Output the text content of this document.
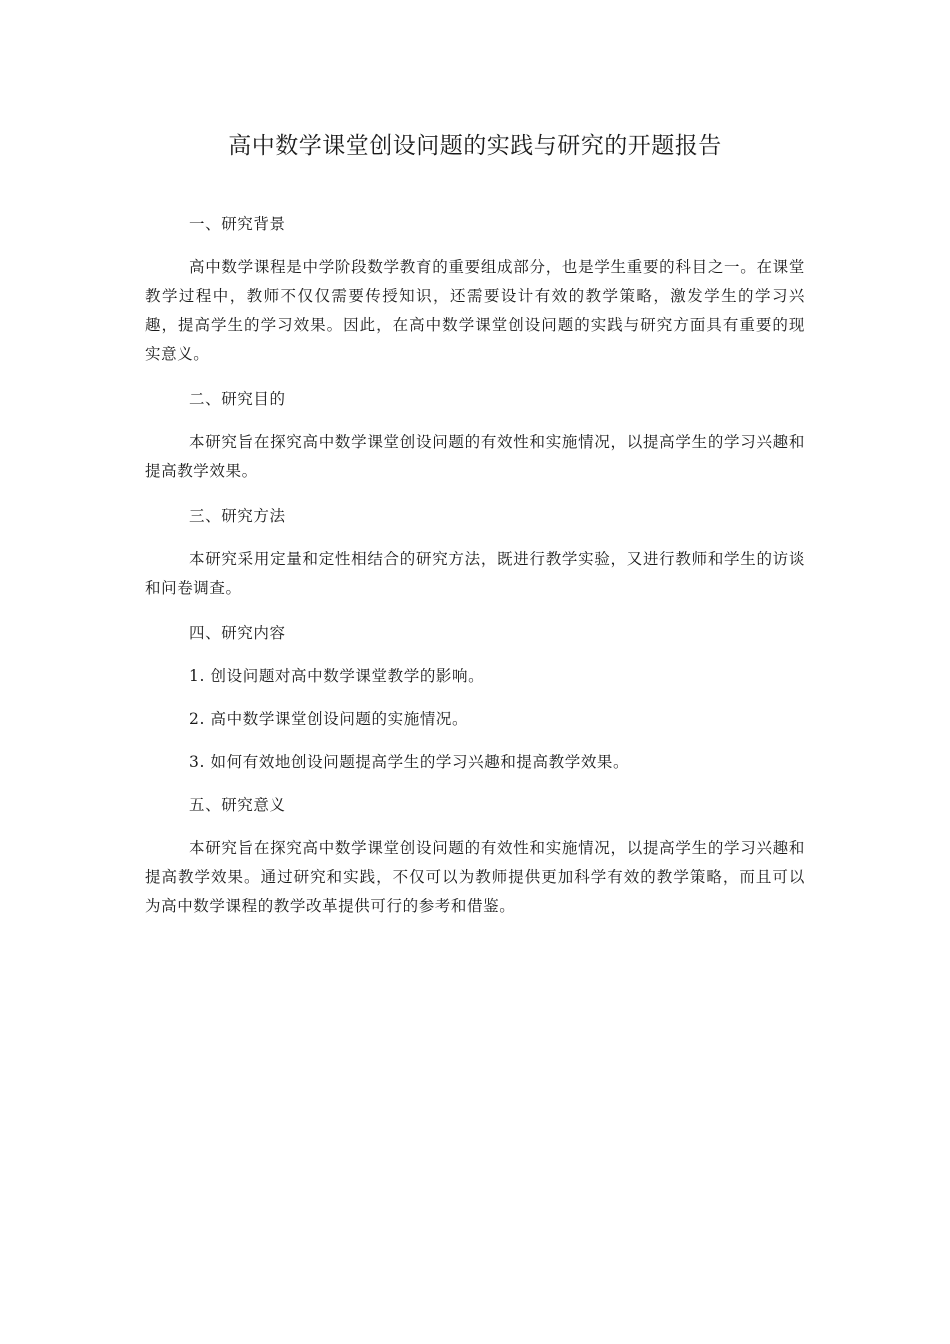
高中数学课堂创设问题的实践与研究的开题报告

一、研究背景

高中数学课程是中学阶段数学教育的重要组成部分，也是学生重要的科目之一。在课堂教学过程中，教师不仅仅需要传授知识，还需要设计有效的教学策略，激发学生的学习兴趣，提高学生的学习效果。因此，在高中数学课堂创设问题的实践与研究方面具有重要的现实意义。

二、研究目的

本研究旨在探究高中数学课堂创设问题的有效性和实施情况，以提高学生的学习兴趣和提高教学效果。

三、研究方法

本研究采用定量和定性相结合的研究方法，既进行教学实验，又进行教师和学生的访谈和问卷调查。

四、研究内容

1. 创设问题对高中数学课堂教学的影响。

2. 高中数学课堂创设问题的实施情况。

3. 如何有效地创设问题提高学生的学习兴趣和提高教学效果。

五、研究意义

本研究旨在探究高中数学课堂创设问题的有效性和实施情况，以提高学生的学习兴趣和提高教学效果。通过研究和实践，不仅可以为教师提供更加科学有效的教学策略，而且可以为高中数学课程的教学改革提供可行的参考和借鉴。
